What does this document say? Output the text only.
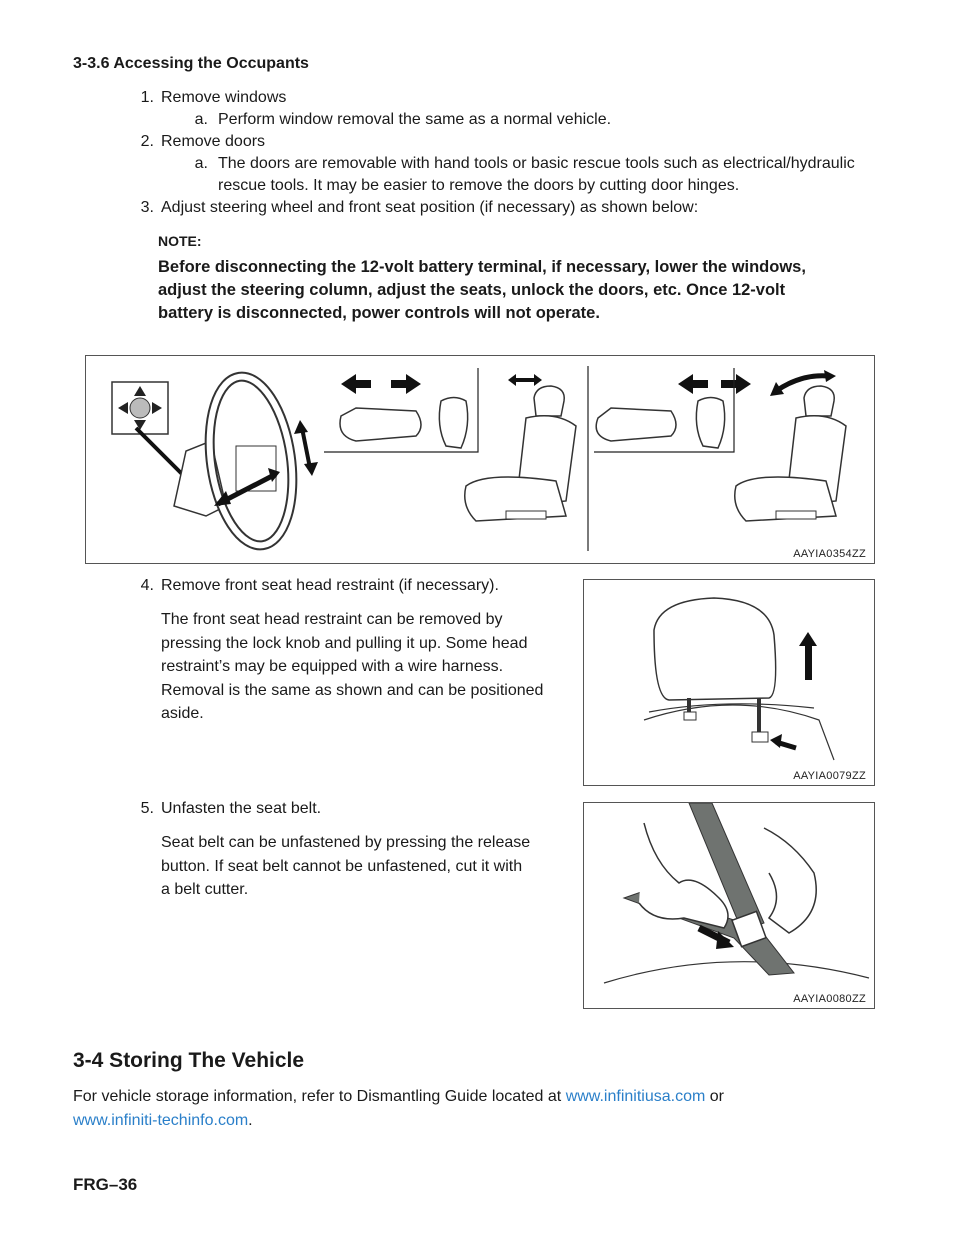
3-3.6 Accessing the Occupants
1. Remove windows
a. Perform window removal the same as a normal vehicle.
2. Remove doors
a. The doors are removable with hand tools or basic rescue tools such as electrical/hydraulic
rescue tools. It may be easier to remove the doors by cutting door hinges.
3. Adjust steering wheel and front seat position (if necessary) as shown below:
NOTE:
Before disconnecting the 12-volt battery terminal, if necessary, lower the windows,
adjust the steering column, adjust the seats, unlock the doors, etc. Once 12-volt
battery is disconnected, power controls will not operate.
AAYIA0354ZZ
4. Remove front seat head restraint (if necessary).
The front seat head restraint can be removed by
pressing the lock knob and pulling it up. Some head
restraint’s may be equipped with a wire harness.
Removal is the same as shown and can be positioned
aside.
AAYIA0079ZZ
5. Unfasten the seat belt.
Seat belt can be unfastened by pressing the release
button. If seat belt cannot be unfastened, cut it with
a belt cutter.
AAYIA0080ZZ
3-4 Storing The Vehicle
For vehicle storage information, refer to Dismantling Guide located at www.infinitiusa.com or
www.infiniti-techinfo.com.
FRG–36
